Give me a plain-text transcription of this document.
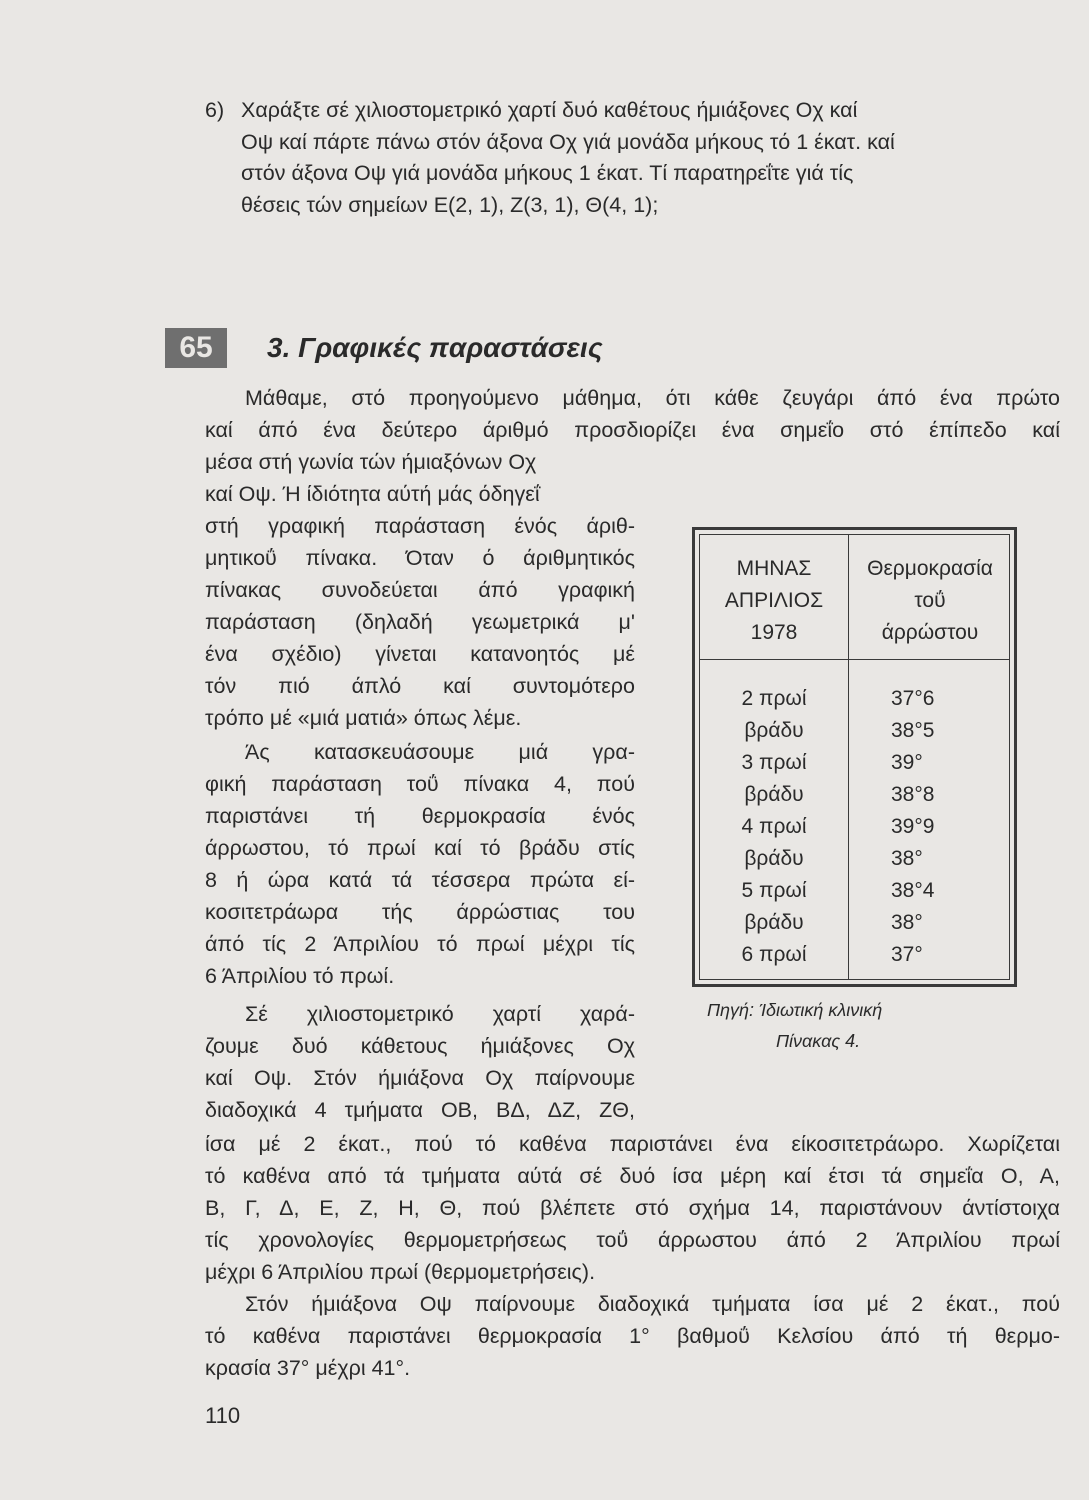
6) Χαράξτε σέ χιλιοστομετρικό χαρτί δυό καθέτους ήμιάξονες Οχ καί
Οψ καί πάρτε πάνω στόν άξονα Οχ γιά μονάδα μήκους τό 1 έκατ. καί
στόν άξονα Οψ γιά μονάδα μήκους 1 έκατ. Τί παρατηρεΐτε γιά τίς
θέσεις τών σημείων Ε(2, 1), Ζ(3, 1), Θ(4, 1);
65	3. Γραφικές παραστάσεις
Μάθαμε, στό προηγούμενο μάθημα, ότι κάθε ζευγάρι άπό ένα πρώτο
καί άπό ένα δεύτερο άριθμό προσδιορίζει ένα σημεΐο στό έπίπεδο καί
μέσα στή γωνία τών ήμιαξόνων Οχ
καί Οψ. Ή ίδιότητα αύτή μάς όδηγεΐ
στή γραφική παράσταση ένός άριθ-
μητικοΰ πίνακα. Όταν ό άριθμητικός
πίνακας συνοδεύεται άπό γραφική
παράσταση (δηλαδή γεωμετρικά μ'
ένα σχέδιο) γίνεται κατανοητός μέ
τόν πιό άπλό καί συντομότερο
τρόπο μέ «μιά ματιά» όπως λέμε.
Άς κατασκευάσουμε μιά γρα-
φική παράσταση τοΰ πίνακα 4, πού
παριστάνει τή θερμοκρασία ένός
άρρωστου, τό πρωί καί τό βράδυ στίς
8 ή ώρα κατά τά τέσσερα πρώτα εί-
κοσιτετράωρα τής άρρώστιας του
άπό τίς 2 Άπριλίου τό πρωί μέχρι τίς
6 Άπριλίου τό πρωί.
Σέ χιλιοστομετρικό χαρτί χαρά-
ζουμε δυό κάθετους ήμιάξονες Οχ
καί Οψ. Στόν ήμιάξονα Οχ παίρνουμε
διαδοχικά 4 τμήματα ΟΒ, ΒΔ, ΔΖ, ΖΘ,
ίσα μέ 2 έκατ., πού τό καθένα παριστάνει ένα είκοσιτετράωρο. Χωρίζεται
τό καθένα από τά τμήματα αύτά σέ δυό ίσα μέρη καί έτσι τά σημεΐα Ο, Α,
Β, Γ, Δ, Ε, Ζ, Η, Θ, πού βλέπετε στό σχήμα 14, παριστάνουν άντίστοιχα
τίς χρονολογίες θερμομετρήσεως τοΰ άρρωστου άπό 2 Άπριλίου πρωί
μέχρι 6 Άπριλίου πρωί (θερμομετρήσεις).
Στόν ήμιάξονα Οψ παίρνουμε διαδοχικά τμήματα ίσα μέ 2 έκατ., πού
τό καθένα παριστάνει θερμοκρασία 1° βαθμοΰ Κελσίου άπό τή θερμο-
κρασία 37° μέχρι 41°.
ΜΗΝΑΣ
ΑΠΡΙΛΙΟΣ
1978
Θερμοκρασία
τοΰ
άρρώστου
2 πρωί
βράδυ
3 πρωί
βράδυ
4 πρωί
βράδυ
5 πρωί
βράδυ
6 πρωί
37°6
38°5
39°
38°8
39°9
38°
38°4
38°
37°
Πηγή: Ίδιωτική κλινική
Πίνακας 4.
110
